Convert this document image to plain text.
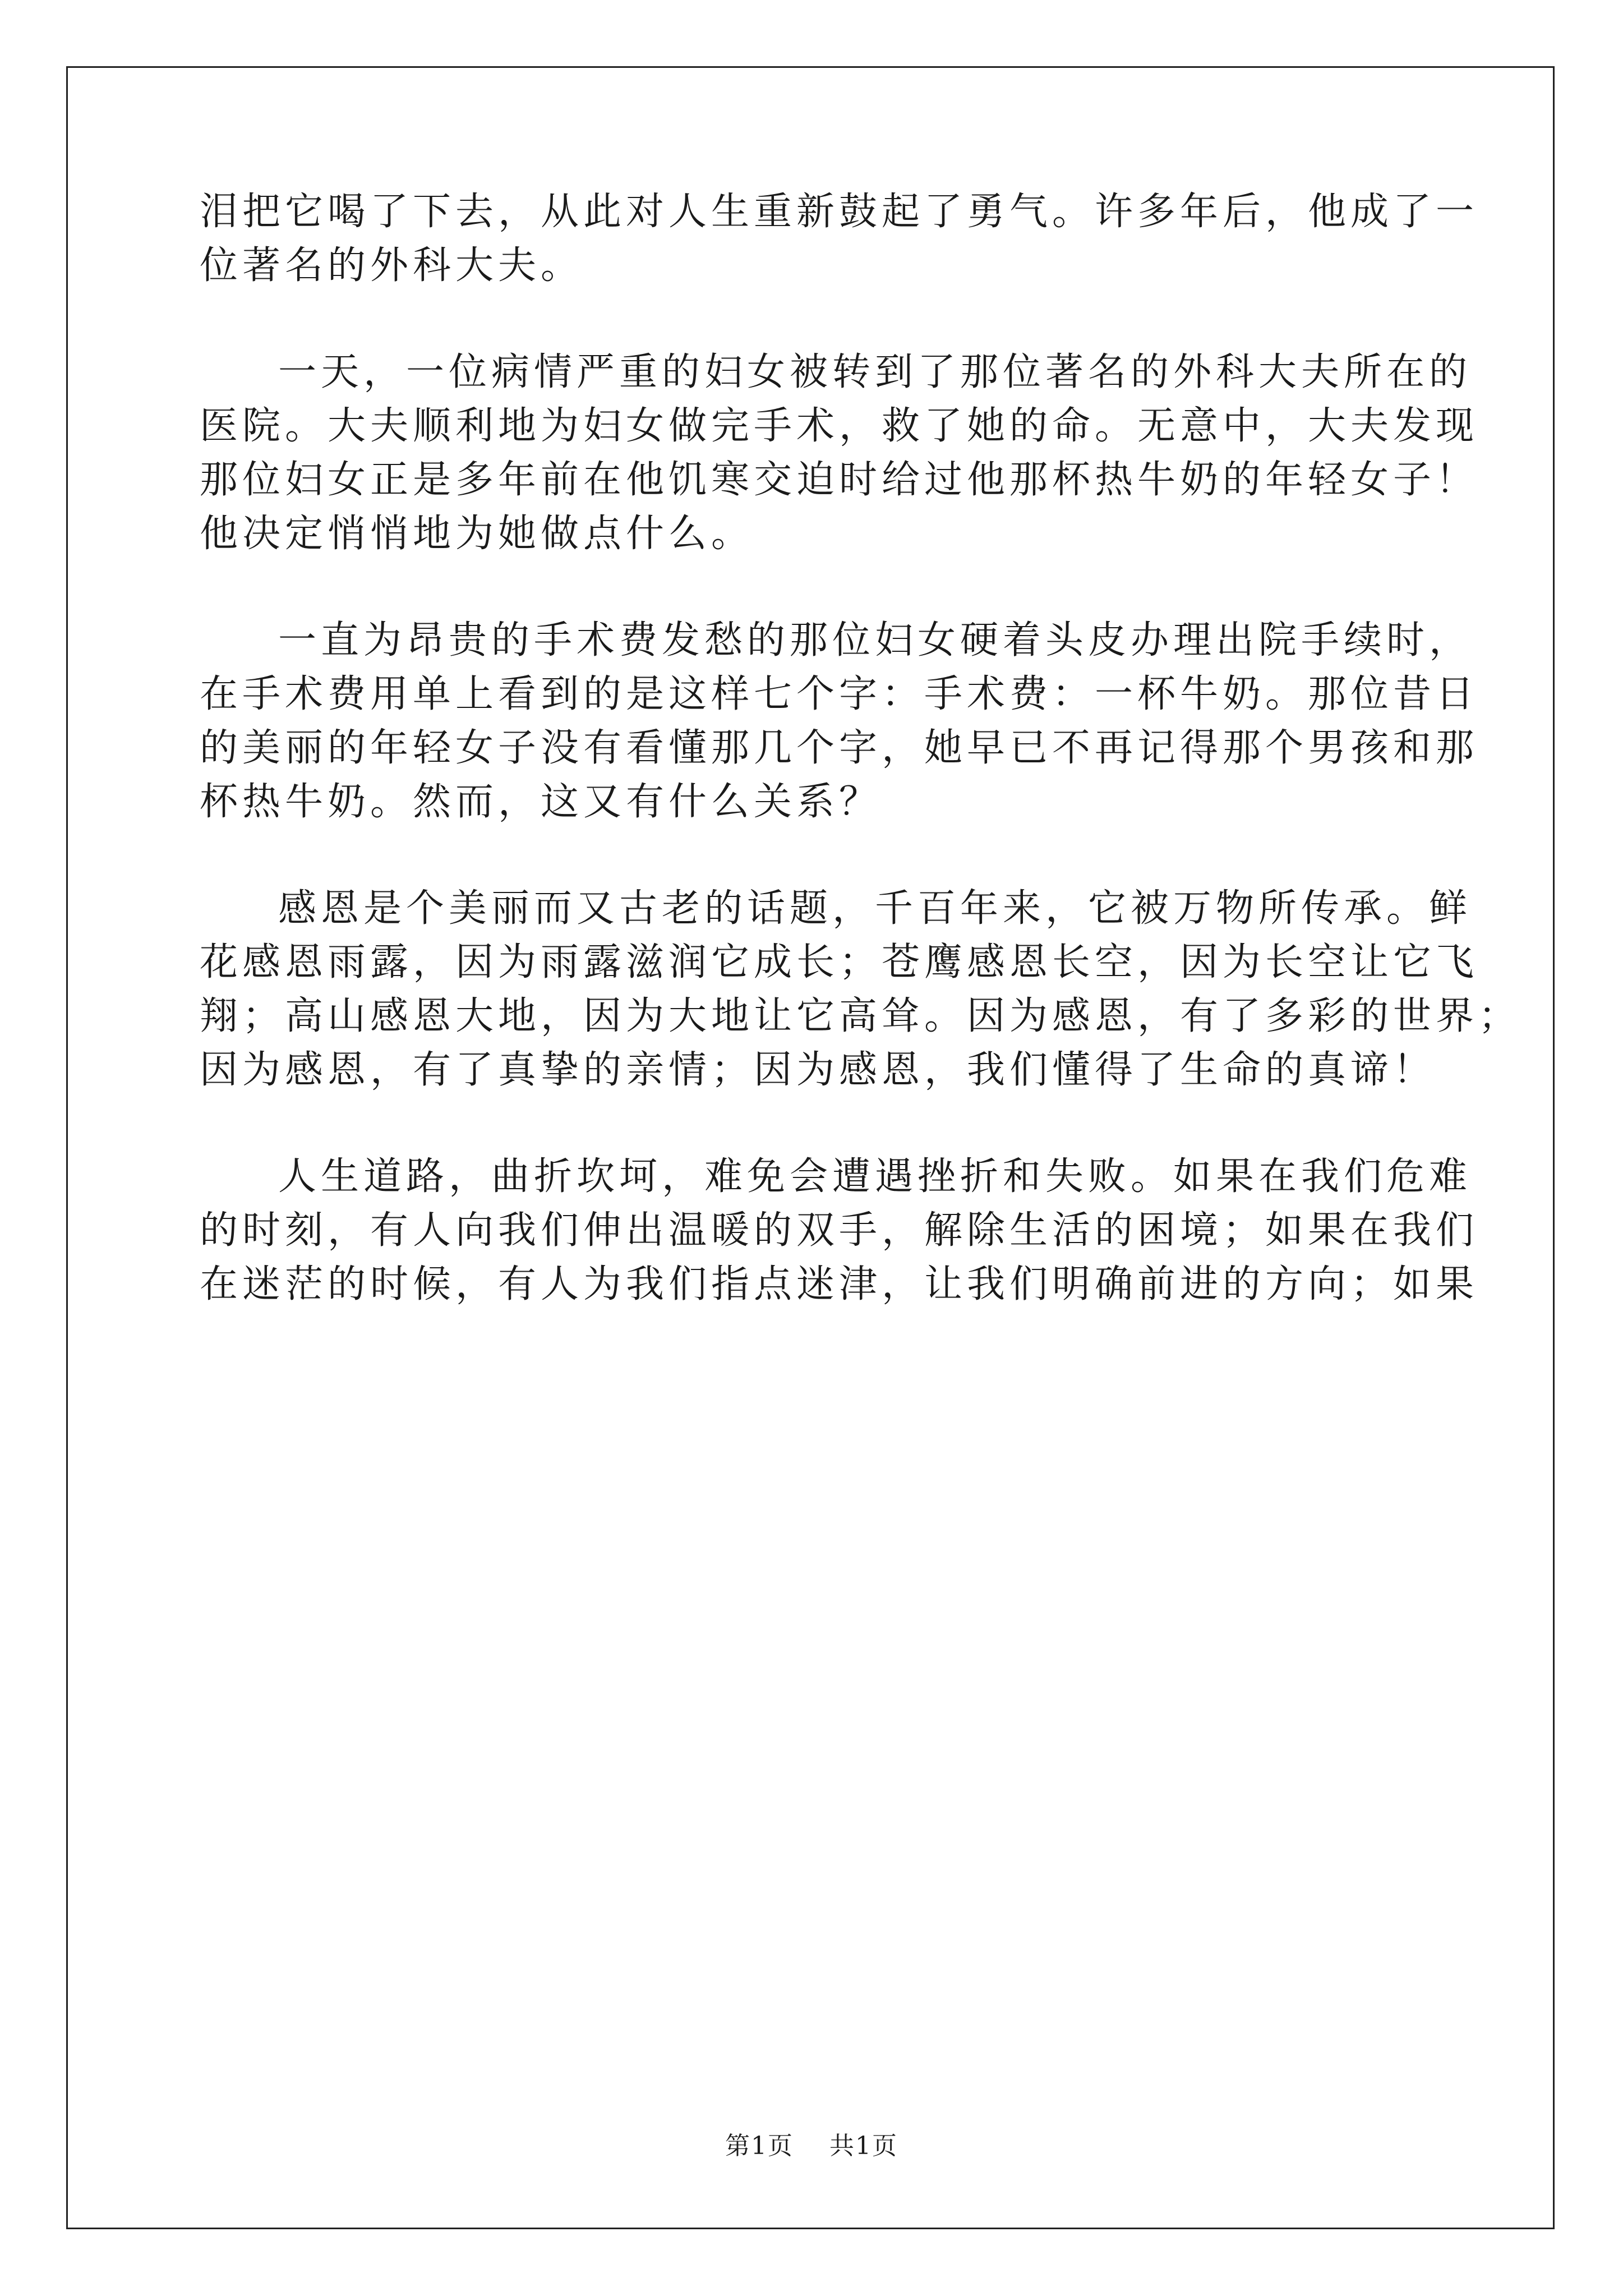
泪把它喝了下去，从此对人生重新鼓起了勇气。许多年后，他成了一
位著名的外科大夫。
一天，一位病情严重的妇女被转到了那位著名的外科大夫所在的
医院。大夫顺利地为妇女做完手术，救了她的命。无意中，大夫发现
那位妇女正是多年前在他饥寒交迫时给过他那杯热牛奶的年轻女子！
他决定悄悄地为她做点什么。
一直为昂贵的手术费发愁的那位妇女硬着头皮办理出院手续时，
在手术费用单上看到的是这样七个字：手术费：一杯牛奶。那位昔日
的美丽的年轻女子没有看懂那几个字，她早已不再记得那个男孩和那
杯热牛奶。然而，这又有什么关系？
感恩是个美丽而又古老的话题，千百年来，它被万物所传承。鲜
花感恩雨露，因为雨露滋润它成长；苍鹰感恩长空，因为长空让它飞
翔；高山感恩大地，因为大地让它高耸。因为感恩，有了多彩的世界；
因为感恩，有了真挚的亲情；因为感恩，我们懂得了生命的真谛！
人生道路，曲折坎坷，难免会遭遇挫折和失败。如果在我们危难
的时刻，有人向我们伸出温暖的双手，解除生活的困境；如果在我们
在迷茫的时候，有人为我们指点迷津，让我们明确前进的方向；如果
第1页 共1页
